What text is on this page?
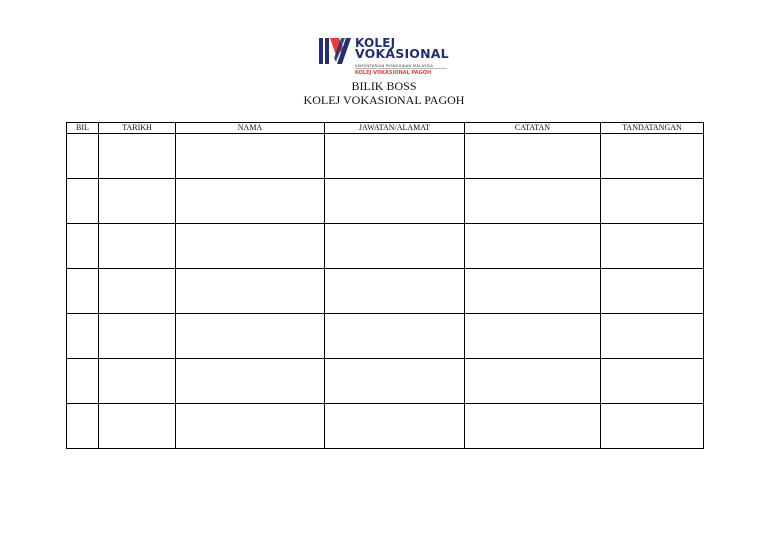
KOLEJ
VOKASIONAL
KEMENTERIAN PENDIDIKAN MALAYSIA
KOLEJ VOKASIONAL PAGOH
BILIK BOSS
KOLEJ VOKASIONAL PAGOH
BIL	TARIKH	NAMA	JAWATAN/ALAMAT	CATATAN	TANDATANGAN
